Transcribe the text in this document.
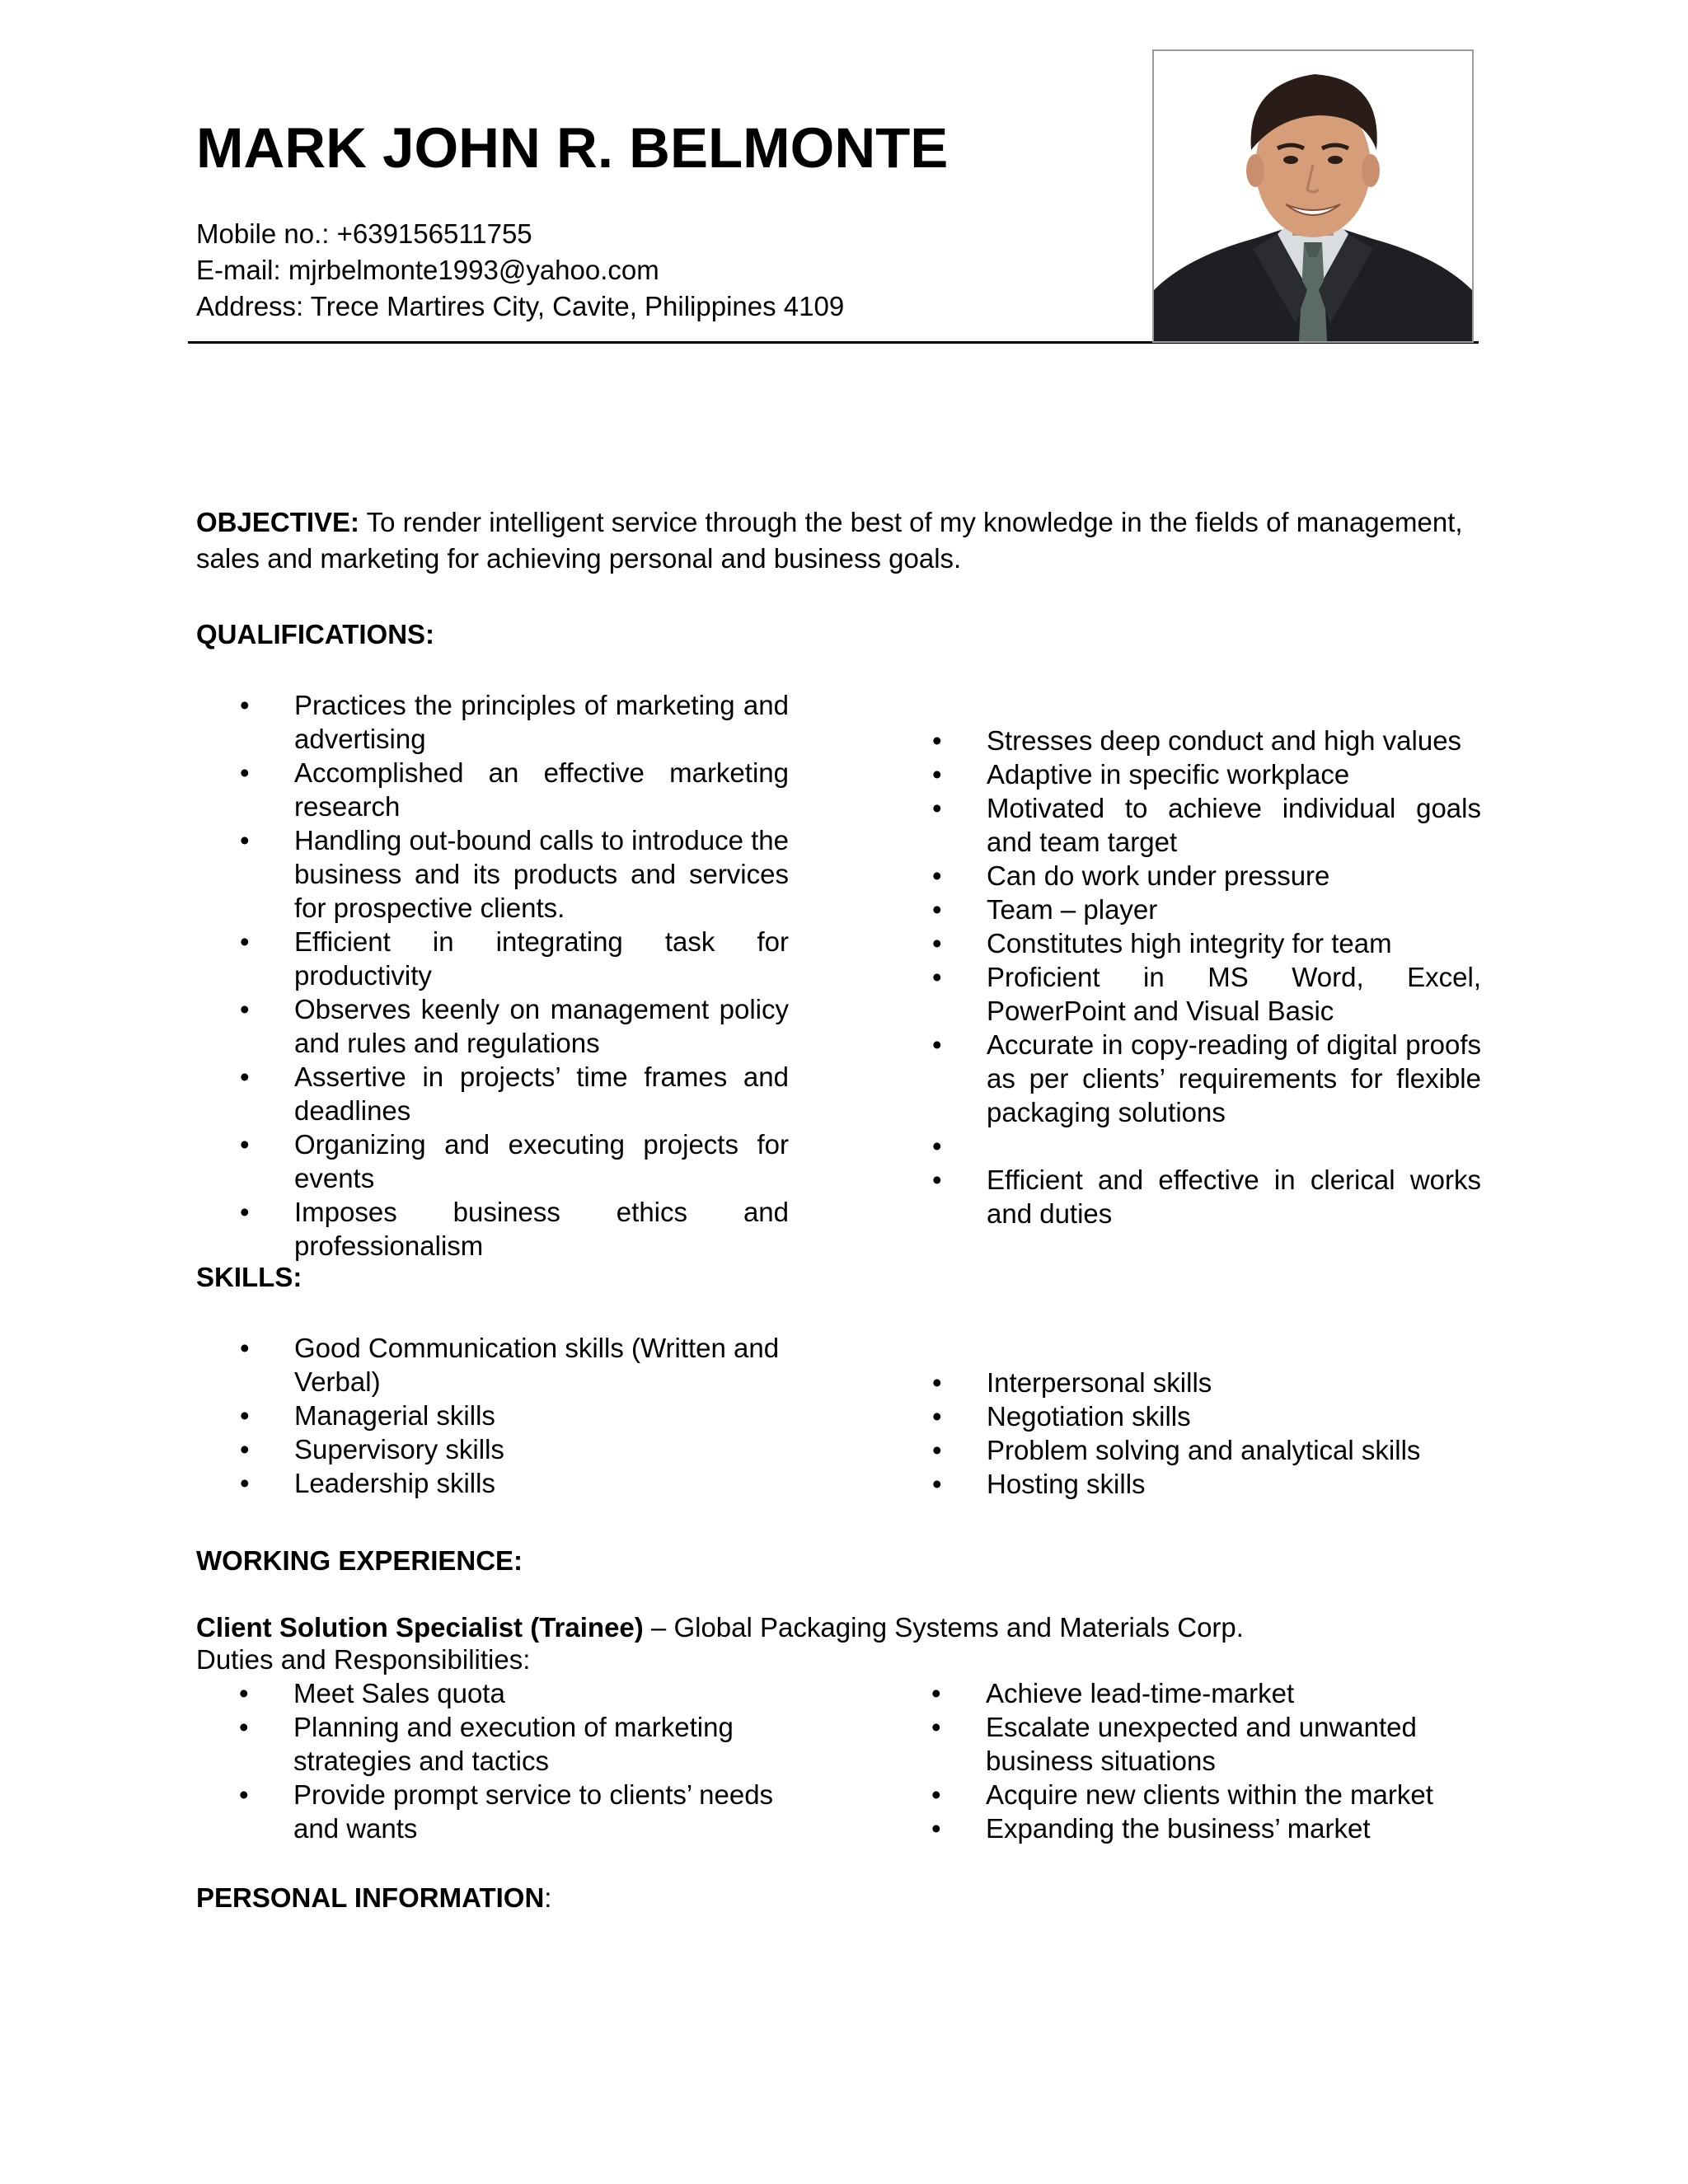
MARK JOHN R. BELMONTE
Mobile no.: +639156511755
E-mail: mjrbelmonte1993@yahoo.com
Address: Trece Martires City, Cavite, Philippines 4109
OBJECTIVE: To render intelligent service through the best of my knowledge in the fields of management, sales and marketing for achieving personal and business goals.
QUALIFICATIONS:
• Practices the principles of marketing and advertising
• Accomplished an effective marketing research
• Handling out-bound calls to introduce the business and its products and services for prospective clients.
• Efficient in integrating task for productivity
• Observes keenly on management policy and rules and regulations
• Assertive in projects’ time frames and deadlines
• Organizing and executing projects for events
• Imposes business ethics and professionalism
• Stresses deep conduct and high values
• Adaptive in specific workplace
• Motivated to achieve individual goals and team target
• Can do work under pressure
• Team – player
• Constitutes high integrity for team
• Proficient in MS Word, Excel, PowerPoint and Visual Basic
• Accurate in copy-reading of digital proofs as per clients’ requirements for flexible packaging solutions
•
• Efficient and effective in clerical works and duties
SKILLS:
• Good Communication skills (Written and Verbal)
• Managerial skills
• Supervisory skills
• Leadership skills
• Interpersonal skills
• Negotiation skills
• Problem solving and analytical skills
• Hosting skills
WORKING EXPERIENCE:
Client Solution Specialist (Trainee) – Global Packaging Systems and Materials Corp.
Duties and Responsibilities:
• Meet Sales quota
• Planning and execution of marketing strategies and tactics
• Provide prompt service to clients’ needs and wants
• Achieve lead-time-market
• Escalate unexpected and unwanted business situations
• Acquire new clients within the market
• Expanding the business’ market
PERSONAL INFORMATION:
